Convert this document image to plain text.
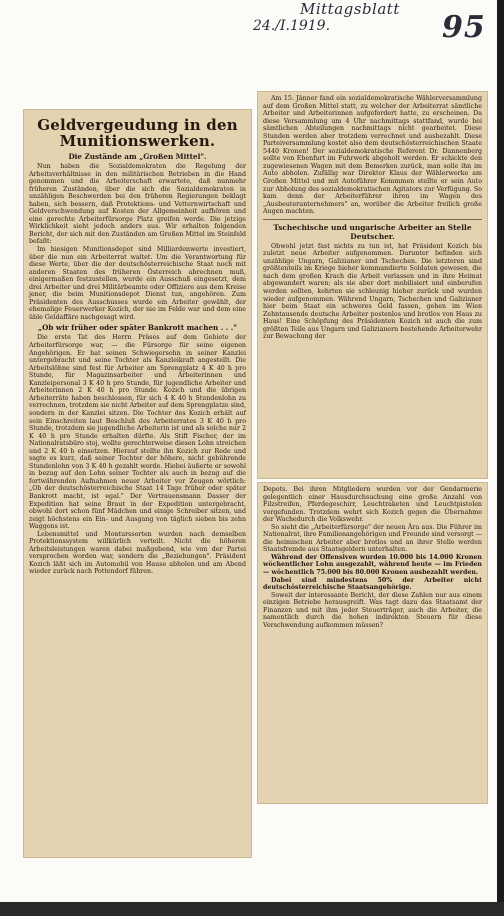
Mittagsblatt
24./I.1919.	95
Geldvergeudung in den Munitionswerken.
Die Zustände am „Großen Mittel".

Nun haben die Sozialdemokraten die Regelung der Arbeitsverhältnisse in den militärischen Betrieben in die Hand genommen und die Arbeiterschaft erwartete, daß nunmehr früheren Zuständen, über die sich die Sozialdemokraten in unzähligen Beschwerden bei den früheren Regierungen beklagt haben, sich bessern, daß Protektions- und Vetternwirtschaft und Geldverschwendung auf Kosten der Allgemeinheit aufhören und eine gerechte Arbeiterfürsorge Platz greifen werde. Die jetzige Wirklichkeit sieht jedoch anders aus. Wir erhalten folgenden Bericht, der sich mit den Zuständen am Großen Mittel im Steinfeld befaßt:

Im hiesigen Munitionsdepot sind Milliardenwerte investiert, über die nun ein Arbeiterrat waltet. Um die Verantwortung für diese Werte, über die der deutschösterreichische Staat noch mit anderen Staaten des früheren Österreich abrechnen muß, einigermaßen festzustellen, wurde ein Ausschuß eingesetzt, dem drei Arbeiter und drei Militärbeamte oder Offiziere aus dem Kreise jener, die beim Munitionsdepot Dienst tun, angehören. Zum Präsidenten des Ausschusses wurde ein Arbeiter gewählt, der ehemalige Feuerwerker Kozich, der nie im Felde war und dem eine üble Geldaffäre nachgesagt wird.

„Ob wir früher oder später Bankrott machen . . ."

Die erste Tat des Herrn Präses auf dem Gebiete der Arbeiterfürsorge war, — die Fürsorge für seine eigenen Angehörigen. Er hat seinen Schwiegersohn in seiner Kanzlei untergebracht und seine Tochter als Kanzleikraft angestellt. Die Arbeitslöhne sind fest für Arbeiter am Sprengplatz 4 K 40 h pro Stunde, für Magazinsarbeiter und Arbeiterinnen und Kanzleipersonal 3 K 40 h pro Stunde, für jugendliche Arbeiter und Arbeiterinnen 2 K 40 h pro Stunde. Kozich und die übrigen Arbeiterräte haben beschlossen, für sich 4 K 40 h Stundenlohn zu verrechnen, trotzdem sie nicht Arbeiter auf dem Sprengplatze sind, sondern in der Kanzlei sitzen. Die Tochter des Kozich erhält auf sein Einschreiten laut Beschluß des Arbeiterrates 3 K 40 h pro Stunde, trotzdem sie jugendliche Arbeiterin ist und als solche nur 2 K 40 h pro Stunde erhalten dürfte. Als Stift Fischer, der im Nationalratsbüro stoj, wollte gerechterweise diesen Lohn streichen und 2 K 40 h einsetzen. Hierauf stellte ihn Kozich zur Rede und sagte es kurz, daß seiner Tochter der höhere, nicht gebührende Stundenlohn von 3 K 40 h gezahlt werde. Hiebei äußerte er sowohl in bezug auf den Lohn seiner Tochter als auch in bezug auf die fortwährenden Aufnahmen neuer Arbeiter vor Zeugen wörtlich: „Ob der deutschösterreichische Staat 14 Tage früher oder später Bankrott macht, ist egal." Der Vertrauensmann Dasser der Expedition hat seine Braut in der Expedition untergebracht, obwohl dort schon fünf Mädchen und einige Schreiber sitzen, und zeigt höchstens ein Ein- und Ausgang von täglich sieben bis zehn Waggons ist.

Lebensmittel und Monturssorten wurden nach demselben Protektionssystem willkürlich verteilt. Nicht die höheren Arbeitsleistungen waren dabei maßgebend, wie von der Partei versprochen worden war, sondern die „Beziehungen". Präsident Kozich läßt sich im Automobil von Hause abholen und am Abend wieder zurück nach Pottendorf führen.

Am 15. Jänner fand ein sozialdemokratische Wählerversammlung auf dem Großen Mittel statt, zu welcher der Arbeiterrat sämtliche Arbeiter und Arbeiterinnen aufgefordert hatte, zu erscheinen. Da diese Versammlung um 4 Uhr nachmittags stattfand, wurde bei sämtlichen Abteilungen nachmittags nicht gearbeitet. Diese Stunden werden aber trotzdem verrechnet und ausbezahlt. Diese Parteiversammlung kostet also dem deutschösterreichischen Staate 5440 Kronen! Der sozialdemokratische Referent Dr. Dannenberg sollte von Ebenfurt im Fuhrwerk abgeholt werden. Er schickte den zugewiesenen Wagen mit dem Bemerken zurück, man solle ihn im Auto abholen. Zufällig war Direktor Klaus der Wählerwerke am Großen Mittel und mit Autoführer Kommmen stellte er sein Auto zur Abholung des sozialdemokratischen Agitators zur Verfügung. So kam denn der Arbeiterführer ihren im Wagen des „Ausbeuterunternehmers" an, worüber die Arbeiter freilich große Augen machten.

Tschechische und ungarische Arbeiter an Stelle Deutscher.

Obwohl jetzt fast nichts zu tun ist, hat Präsident Kozich bis zuletzt neue Arbeiter aufgenommen. Darunter befinden sich unzählige Ungarn, Galizianer und Tschechen. Die letzteren sind größtenteils im Kriege hieher kommandierte Soldaten gewesen, die nach dem großen Krach die Arbeit verlassen und in ihre Heimat abgewandert waren; als sie aber dort mobilisiert und einberufen werden sollten, kehrten sie schleunig hieher zurück und wurden wieder aufgenommen. Während Ungarn, Tschechen und Galizianer hier beim Staat ein schweres Geld fassen, gehen im Wien Zehntausende deutsche Arbeiter postenlos und brotlos von Haus zu Haus! Eine Schöpfung des Präsidenten Kozich ist auch die zum größten Teile aus Ungarn und Galizianern bestehende Arbeiterwehr zur Bewachung der

Depots. Bei ihren Mitgliedern wurden vor der Gendarmerie gelegentlich einer Hausdurchsuchung eine große Anzahl von Filzstreifen, Pferdegeschirr, Leuchtraketen und Leuchtpistolen vorgefunden. Trotzdem wehrt sich Kozich gegen die Übernahme der Wachedurch die Volkswehr.

So sieht die „Arbeiterfürsorge" der neuen Ära aus. Die Führer im Nationalrat, ihre Familienangehörigen und Freunde sind versorgt — die heimischen Arbeiter aber brotlos und an ihrer Stelle werden Staatsfremde aus Staatsgeldern unterhalten.

Während der Offensiven wurden 10.000 bis 14.000 Kronen wöchentlicher Lohn ausgezahlt, während heute — im Frieden — wöchentlich 75.000 bis 80.000 Kronen ausbezahlt werden.

Dabei sind mindestens 50% der Arbeiter nicht deutschösterreichische Staatsangehörige.

Soweit der interessante Bericht, der diese Zahlen nur aus einem einzigen Betriebe herausgreift. Was tagt dazu das Staatsamt der Finanzen und mit ihm jeder Steuerträger, auch die Arbeiter, die namentlich durch die hohen indirekten Steuern für diese Verschwendung aufkommen müssen?
